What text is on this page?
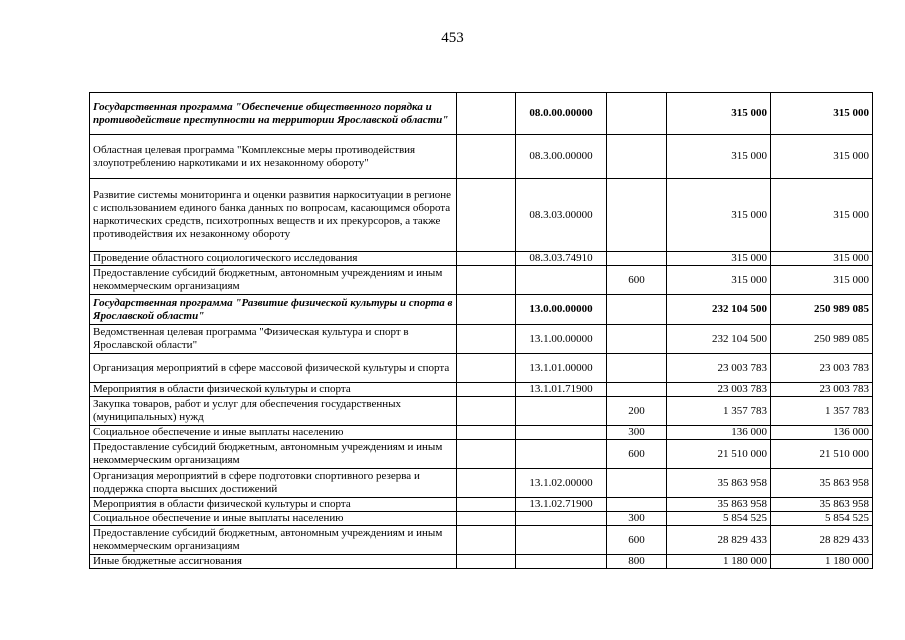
453
Государственная программа "Обеспечение общественного порядка и противодействие преступности на территории Ярославской области"		08.0.00.00000		315 000	315 000
Областная целевая программа "Комплексные меры противодействия злоупотреблению наркотиками и их незаконному обороту"		08.3.00.00000		315 000	315 000
Развитие системы мониторинга и оценки развития наркоситуации в регионе с использованием единого банка данных по вопросам, касающимся оборота наркотических средств, психотропных веществ и их прекурсоров, а также противодействия их незаконному обороту		08.3.03.00000		315 000	315 000
Проведение областного социологического исследования		08.3.03.74910		315 000	315 000
Предоставление субсидий бюджетным, автономным учреждениям и иным некоммерческим организациям			600	315 000	315 000
Государственная программа "Развитие физической культуры и спорта в Ярославской области"		13.0.00.00000		232 104 500	250 989 085
Ведомственная целевая программа "Физическая культура и спорт в Ярославской области"		13.1.00.00000		232 104 500	250 989 085
Организация мероприятий в сфере массовой физической культуры и спорта		13.1.01.00000		23 003 783	23 003 783
Мероприятия в области физической культуры и спорта		13.1.01.71900		23 003 783	23 003 783
Закупка товаров, работ и услуг для обеспечения государственных (муниципальных) нужд			200	1 357 783	1 357 783
Социальное обеспечение и иные выплаты населению			300	136 000	136 000
Предоставление субсидий бюджетным, автономным учреждениям и иным некоммерческим организациям			600	21 510 000	21 510 000
Организация мероприятий в сфере подготовки спортивного резерва и поддержка спорта высших достижений		13.1.02.00000		35 863 958	35 863 958
Мероприятия в области физической культуры и спорта		13.1.02.71900		35 863 958	35 863 958
Социальное обеспечение и иные выплаты населению			300	5 854 525	5 854 525
Предоставление субсидий бюджетным, автономным учреждениям и иным некоммерческим организациям			600	28 829 433	28 829 433
Иные бюджетные ассигнования			800	1 180 000	1 180 000
